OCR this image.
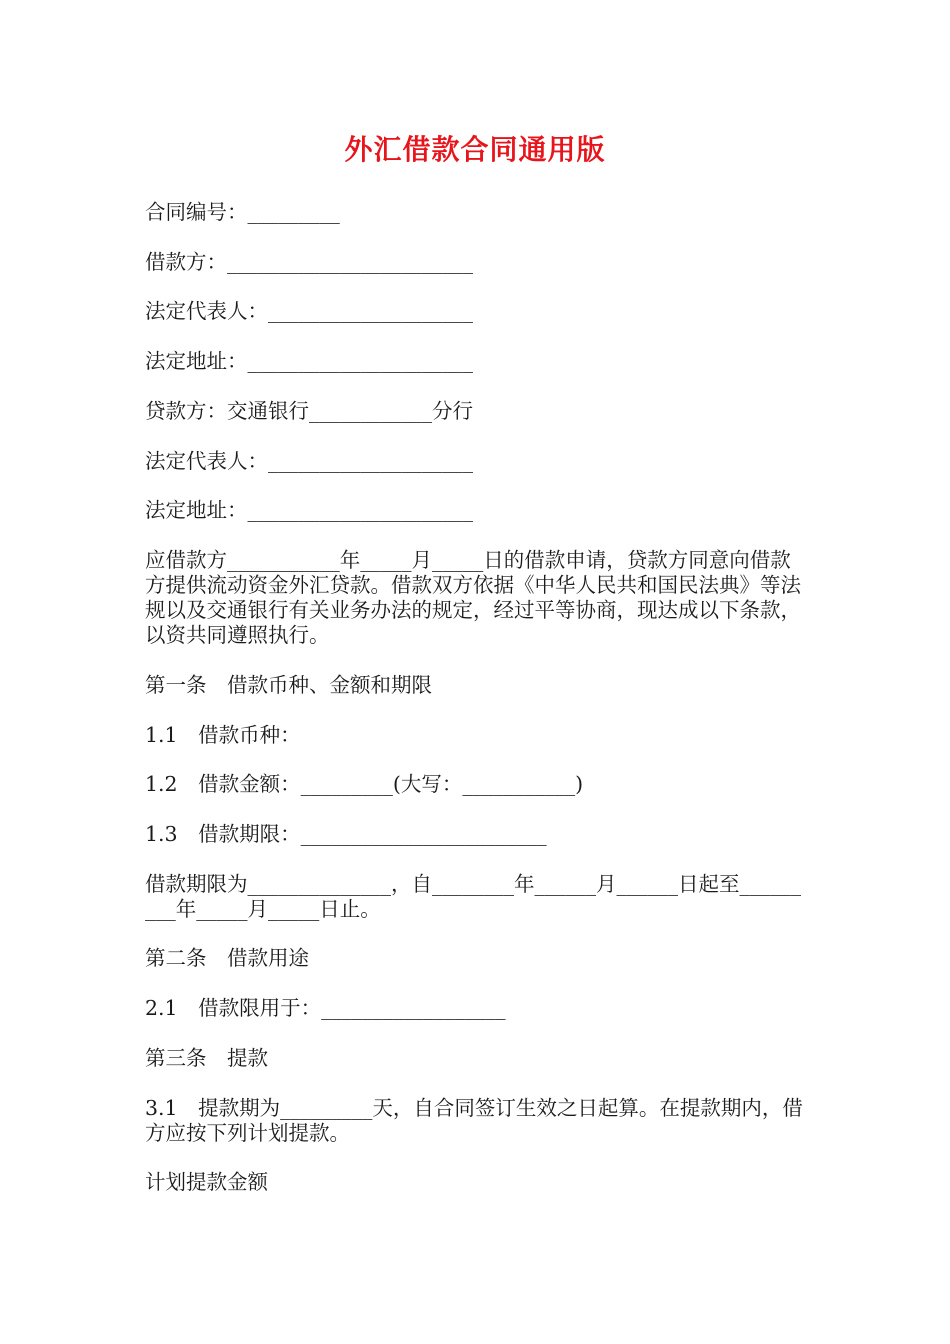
外汇借款合同通用版
合同编号：_________
借款方：________________________
法定代表人：____________________
法定地址：______________________
贷款方：交通银行____________分行
法定代表人：____________________
法定地址：______________________
应借款方___________年_____月_____日的借款申请，贷款方同意向借款方提供流动资金外汇贷款。借款双方依据《中华人民共和国民法典》等法规以及交通银行有关业务办法的规定，经过平等协商，现达成以下条款，以资共同遵照执行。
第一条　借款币种、金额和期限
1.1　借款币种：
1.2　借款金额：_________(大写：___________)
1.3　借款期限：________________________
借款期限为______________，自________年______月______日起至_________年_____月_____日止。
第二条　借款用途
2.1　借款限用于：__________________
第三条　提款
3.1　提款期为_________天，自合同签订生效之日起算。在提款期内，借方应按下列计划提款。
计划提款金额
